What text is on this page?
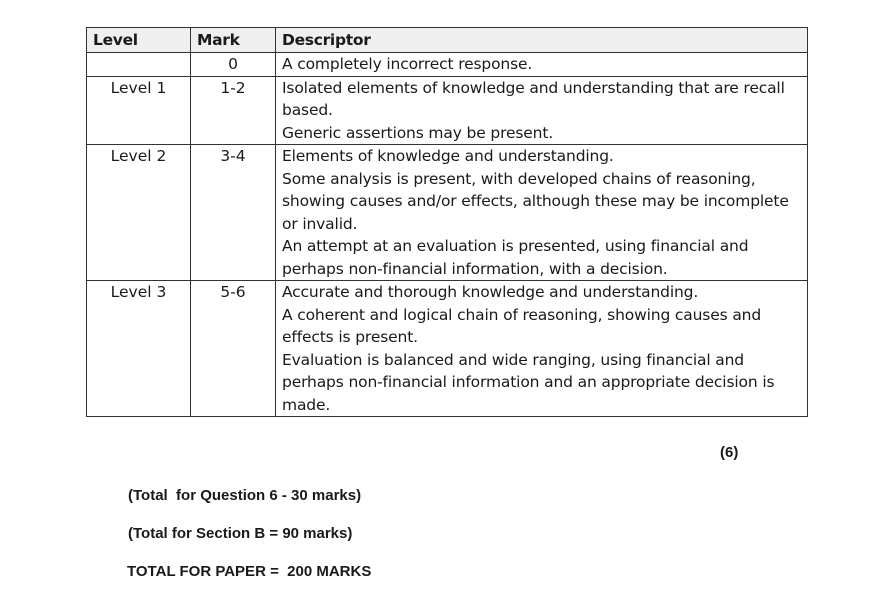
Level	Mark	Descriptor
	0	A completely incorrect response.

Level 1	1-2	Isolated elements of knowledge and understanding that are recall based.
Generic assertions may be present.

Level 2	3-4	Elements of knowledge and understanding.
Some analysis is present, with developed chains of reasoning, showing causes and/or effects, although these may be incomplete or invalid.
An attempt at an evaluation is presented, using financial and perhaps non-financial information, with a decision.

Level 3	5-6	Accurate and thorough knowledge and understanding.
A coherent and logical chain of reasoning, showing causes and effects is present.
Evaluation is balanced and wide ranging, using financial and perhaps non-financial information and an appropriate decision is made.
(6)
(Total  for Question 6 - 30 marks)
(Total for Section B = 90 marks)
TOTAL FOR PAPER =  200 MARKS
